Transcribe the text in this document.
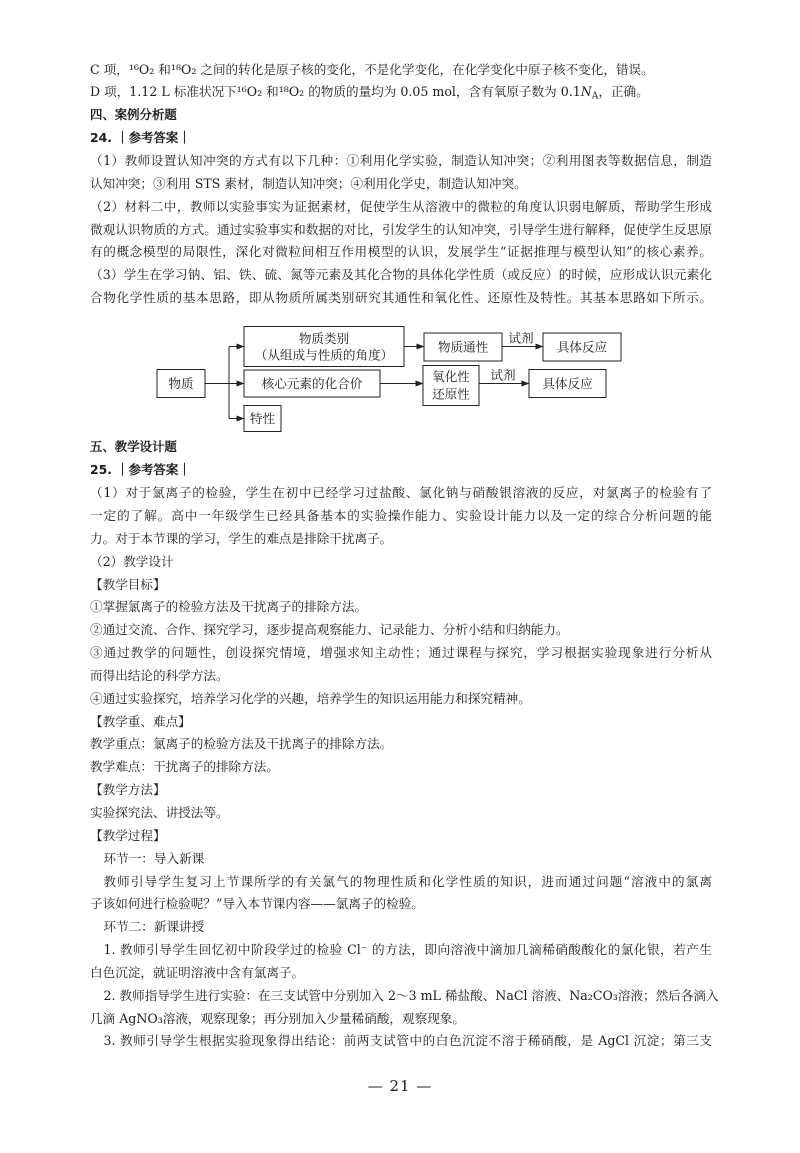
C 项，¹⁶O₂ 和¹⁸O₂ 之间的转化是原子核的变化，不是化学变化，在化学变化中原子核不变化，错误。
D 项，1.12 L 标准状况下¹⁶O₂ 和¹⁸O₂ 的物质的量均为 0.05 mol，含有氧原子数为 $0.1N_A$，正确。
四、案例分析题
24. ｜参考答案｜
（1）教师设置认知冲突的方式有以下几种：①利用化学实验，制造认知冲突；②利用图表等数据信息，制造
认知冲突；③利用 STS 素材，制造认知冲突；④利用化学史，制造认知冲突。
（2）材料二中，教师以实验事实为证据素材，促使学生从溶液中的微粒的角度认识弱电解质，帮助学生形成
微观认识物质的方式。通过实验事实和数据的对比，引发学生的认知冲突，引导学生进行解释，促使学生反思原
有的概念模型的局限性，深化对微粒间相互作用模型的认识，发展学生“证据推理与模型认知”的核心素养。
（3）学生在学习钠、铝、铁、硫、氮等元素及其化合物的具体化学性质（或反应）的时候，应形成认识元素化
合物化学性质的基本思路，即从物质所属类别研究其通性和氧化性、还原性及特性。其基本思路如下所示。
物质
物质类别
（从组成与性质的角度）
物质通性
试剂
具体反应
核心元素的化合价	氧化性
还原性
试剂
具体反应
特性
五、教学设计题
25. ｜参考答案｜
（1）对于氯离子的检验，学生在初中已经学习过盐酸、氯化钠与硝酸银溶液的反应，对氯离子的检验有了
一定的了解。高中一年级学生已经具备基本的实验操作能力、实验设计能力以及一定的综合分析问题的能
力。对于本节课的学习，学生的难点是排除干扰离子。
（2）教学设计
【教学目标】
①掌握氯离子的检验方法及干扰离子的排除方法。
②通过交流、合作、探究学习，逐步提高观察能力、记录能力、分析小结和归纳能力。
③通过教学的问题性，创设探究情境，增强求知主动性；通过课程与探究，学习根据实验现象进行分析从
而得出结论的科学方法。
④通过实验探究，培养学习化学的兴趣，培养学生的知识运用能力和探究精神。
【教学重、难点】
教学重点：氯离子的检验方法及干扰离子的排除方法。
教学难点：干扰离子的排除方法。
【教学方法】
实验探究法、讲授法等。
【教学过程】
环节一：导入新课
教师引导学生复习上节课所学的有关氯气的物理性质和化学性质的知识，进而通过问题“溶液中的氯离
子该如何进行检验呢？”导入本节课内容——氯离子的检验。
环节二：新课讲授
1. 教师引导学生回忆初中阶段学过的检验 Cl⁻ 的方法，即向溶液中滴加几滴稀硝酸酸化的氯化银，若产生
白色沉淀，就证明溶液中含有氯离子。
2. 教师指导学生进行实验：在三支试管中分别加入 2～3 mL 稀盐酸、NaCl 溶液、Na₂CO₃溶液；然后各滴入
几滴 AgNO₃溶液，观察现象；再分别加入少量稀硝酸，观察现象。
3. 教师引导学生根据实验现象得出结论：前两支试管中的白色沉淀不溶于稀硝酸，是 AgCl 沉淀；第三支
— 21 —
